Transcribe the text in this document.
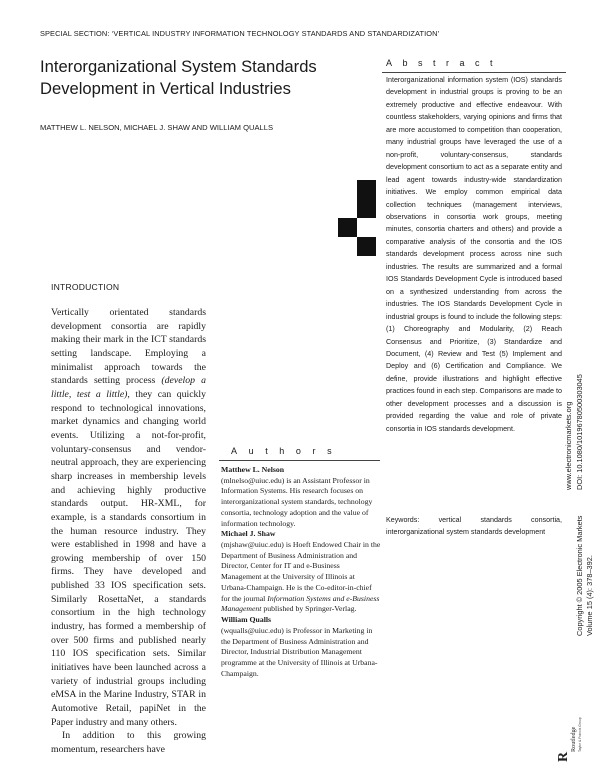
SPECIAL SECTION: ‘VERTICAL INDUSTRY INFORMATION TECHNOLOGY STANDARDS AND STANDARDIZATION’
Interorganizational System Standards Development in Vertical Industries
MATTHEW L. NELSON, MICHAEL J. SHAW AND WILLIAM QUALLS
Abstract

Interorganizational information system (IOS) standards development in industrial groups is proving to be an extremely productive and effective endeavour. With countless stakeholders, varying opinions and firms that are more accustomed to competition than cooperation, many industrial groups have leveraged the use of a non-profit, voluntary-consensus, standards development consortium to act as a separate entity and lead agent towards industry-wide standardization initiatives. We employ common empirical data collection techniques (management interviews, observations in consortia work groups, meeting minutes, consortia charters and others) and provide a comparative analysis of the consortia and the IOS standards development process across nine such industries. The results are summarized and a formal IOS Standards Development Cycle is introduced based on a synthesized understanding from across the industries. The IOS Standards Development Cycle in industrial groups is found to include the following steps: (1) Choreography and Modularity, (2) Reach Consensus and Prioritize, (3) Standardize and Document, (4) Review and Test (5) Implement and Deploy and (6) Certification and Compliance. We define, provide illustrations and highlight effective practices found in each step. Comparisons are made to other development processes and a discussion is provided regarding the value and role of private consortia in IOS standards development.

Keywords:	vertical standards consortia, interorganizational system standards development

INTRODUCTION

Vertically orientated standards development consortia are rapidly making their mark in the ICT standards setting landscape. Employing a minimalist approach towards the standards setting process (develop a little, test a little), they can quickly respond to technological innovations, market dynamics and changing world events. Utilizing a not-for-profit, voluntary-consensus and vendor-neutral approach, they are experiencing sharp increases in membership levels and achieving highly productive standards output. HR-XML, for example, is a standards consortium in the human resource industry. They were established in 1998 and have a growing membership of over 150 firms. They have developed and published 33 IOS specification sets. Similarly RosettaNet, a standards consortium in the high technology industry, has formed a membership of over 500 firms and published nearly 110 IOS specification sets. Similar initiatives have been launched across a variety of industrial groups including eMSA in the Marine Industry, STAR in Automotive Retail, papiNet in the Paper industry and many others.

In addition to this growing momentum, researchers have

Authors

Matthew L. Nelson
(mlnelso@uiuc.edu) is an Assistant Professor in Information Systems. His research focuses on interorganizational system standards, technology consortia, technology adoption and the value of information technology.

Michael J. Shaw
(mjshaw@uiuc.edu) is Hoeft Endowed Chair in the Department of Business Administration and Director, Center for IT and e-Business Management at the University of Illinois at Urbana-Champaign. He is the Co-editor-in-chief for the journal Information Systems and e-Business Management published by Springer-Verlag.

William Qualls
(wqualls@uiuc.edu) is Professor in Marketing in the Department of Business Administration and Director, Industrial Distribution Management programme at the University of Illinois at Urbana-Champaign.

DOI: 10.1080/10196780500303045
www.electronicmarkets.org
Copyright © 2005 Electronic Markets Volume 15 (4): 378–392.
R
Routledge Taylor & Francis Group
